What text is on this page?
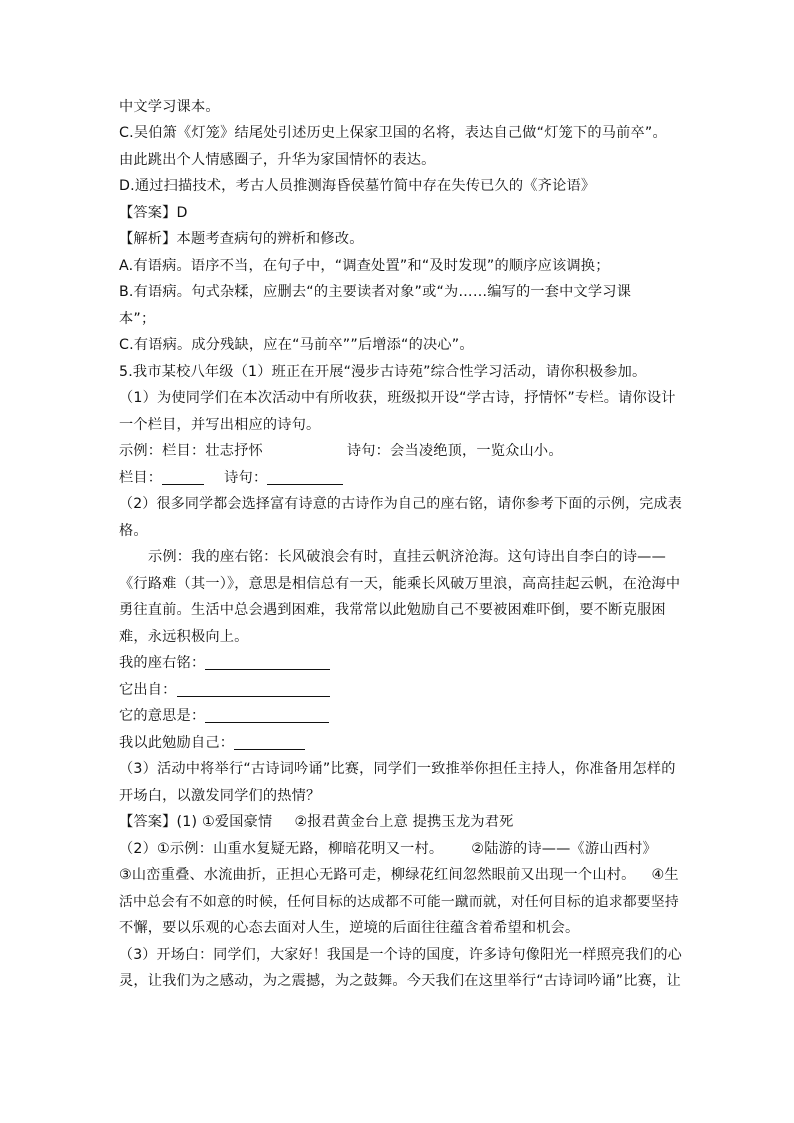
中文学习课本。
C.吴伯箫《灯笼》结尾处引述历史上保家卫国的名将，表达自己做“灯笼下的马前卒”。
由此跳出个人情感圈子，升华为家国情怀的表达。
D.通过扫描技术，考古人员推测海昏侯墓竹简中存在失传已久的《齐论语》
【答案】D
【解析】本题考查病句的辨析和修改。
A.有语病。语序不当，在句子中，“调查处置”和“及时发现”的顺序应该调换；
B.有语病。句式杂糅，应删去“的主要读者对象”或“为……编写的一套中文学习课
本”；
C.有语病。成分残缺，应在“马前卒””后增添“的决心”。
5.我市某校八年级（1）班正在开展“漫步古诗苑”综合性学习活动，请你积极参加。
（1）为使同学们在本次活动中有所收获，班级拟开设“学古诗，抒情怀”专栏。请你设计
一个栏目，并写出相应的诗句。
示例：栏目：壮志抒怀	诗句：会当凌绝顶，一览众山小。
栏目：	诗句：
（2）很多同学都会选择富有诗意的古诗作为自己的座右铭，请你参考下面的示例，完成表
格。
示例：我的座右铭：长风破浪会有时，直挂云帆济沧海。这句诗出自李白的诗——
《行路难（其一）》，意思是相信总有一天，能乘长风破万里浪，高高挂起云帆，在沧海中
勇往直前。生活中总会遇到困难，我常常以此勉励自己不要被困难吓倒，要不断克服困
难，永远积极向上。
我的座右铭：
它出自：
它的意思是：
我以此勉励自己：
（3）活动中将举行“古诗词吟诵”比赛，同学们一致推举你担任主持人，你准备用怎样的
开场白，以激发同学们的热情？
【答案】(1) ①爱国豪情 ②报君黄金台上意 提携玉龙为君死
（2）①示例：山重水复疑无路，柳暗花明又一村。 ②陆游的诗——《游山西村》
③山峦重叠、水流曲折，正担心无路可走，柳绿花红间忽然眼前又出现一个山村。 ④生
活中总会有不如意的时候，任何目标的达成都不可能一蹴而就，对任何目标的追求都要坚持
不懈，要以乐观的心态去面对人生，逆境的后面往往蕴含着希望和机会。
（3）开场白：同学们，大家好！我国是一个诗的国度，许多诗句像阳光一样照亮我们的心
灵，让我们为之感动，为之震撼，为之鼓舞。今天我们在这里举行“古诗词吟诵”比赛，让
